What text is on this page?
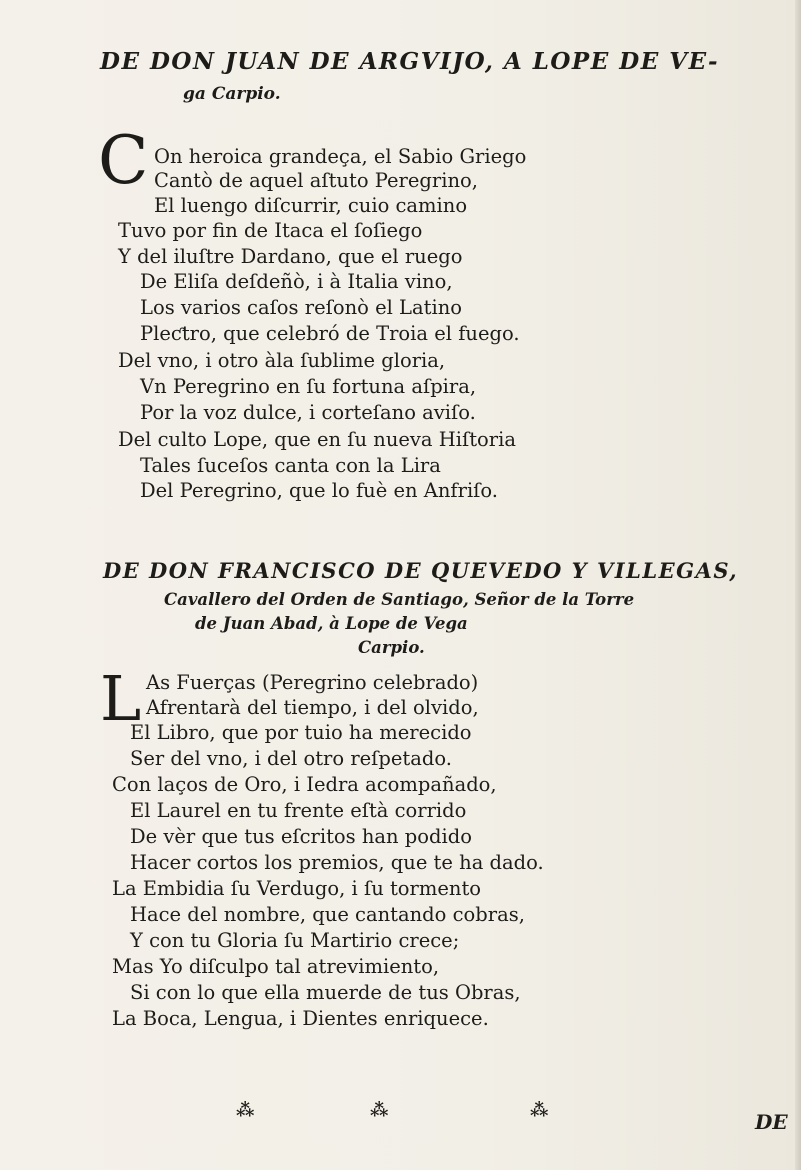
DE DON JUAN DE ARGVIJO, A LOPE DE VE-
ga Carpio.
C On heroica grandeça, el Sabio Griego
Cantò de aquel aſtuto Peregrino,
El luengo diſcurrir, cuio camino
Tuvo por fin de Itaca el ſoſiego
Y del iluſtre Dardano, que el ruego
De Eliſa deſdeñò, i à Italia vino,
Los varios caſos reſonò el Latino
Pleƈtro, que celebró de Troia el fuego.
Del vno, i otro àla ſublime gloria,
Vn Peregrino en ſu fortuna aſpira,
Por la voz dulce, i corteſano aviſo.
Del culto Lope, que en ſu nueva Hiſtoria
Tales ſuceſos canta con la Lira
Del Peregrino, que lo fuè en Anfriſo.
DE DON FRANCISCO DE QUEVEDO Y VILLEGAS,
Cavallero del Orden de Santiago, Señor de la Torre
de Juan Abad, à Lope de Vega
Carpio.
L As Fuerças (Peregrino celebrado)
Afrentarà del tiempo, i del olvido,
El Libro, que por tuio ha merecido
Ser del vno, i del otro reſpetado.
Con laços de Oro, i Iedra acompañado,
El Laurel en tu frente eſtà corrido
De vèr que tus eſcritos han podido
Hacer cortos los premios, que te ha dado.
La Embidia ſu Verdugo, i ſu tormento
Hace del nombre, que cantando cobras,
Y con tu Gloria ſu Martirio crece;
Mas Yo diſculpo tal atrevimiento,
Si con lo que ella muerde de tus Obras,
La Boca, Lengua, i Dientes enriquece.
⁂	⁂	⁂	DE
